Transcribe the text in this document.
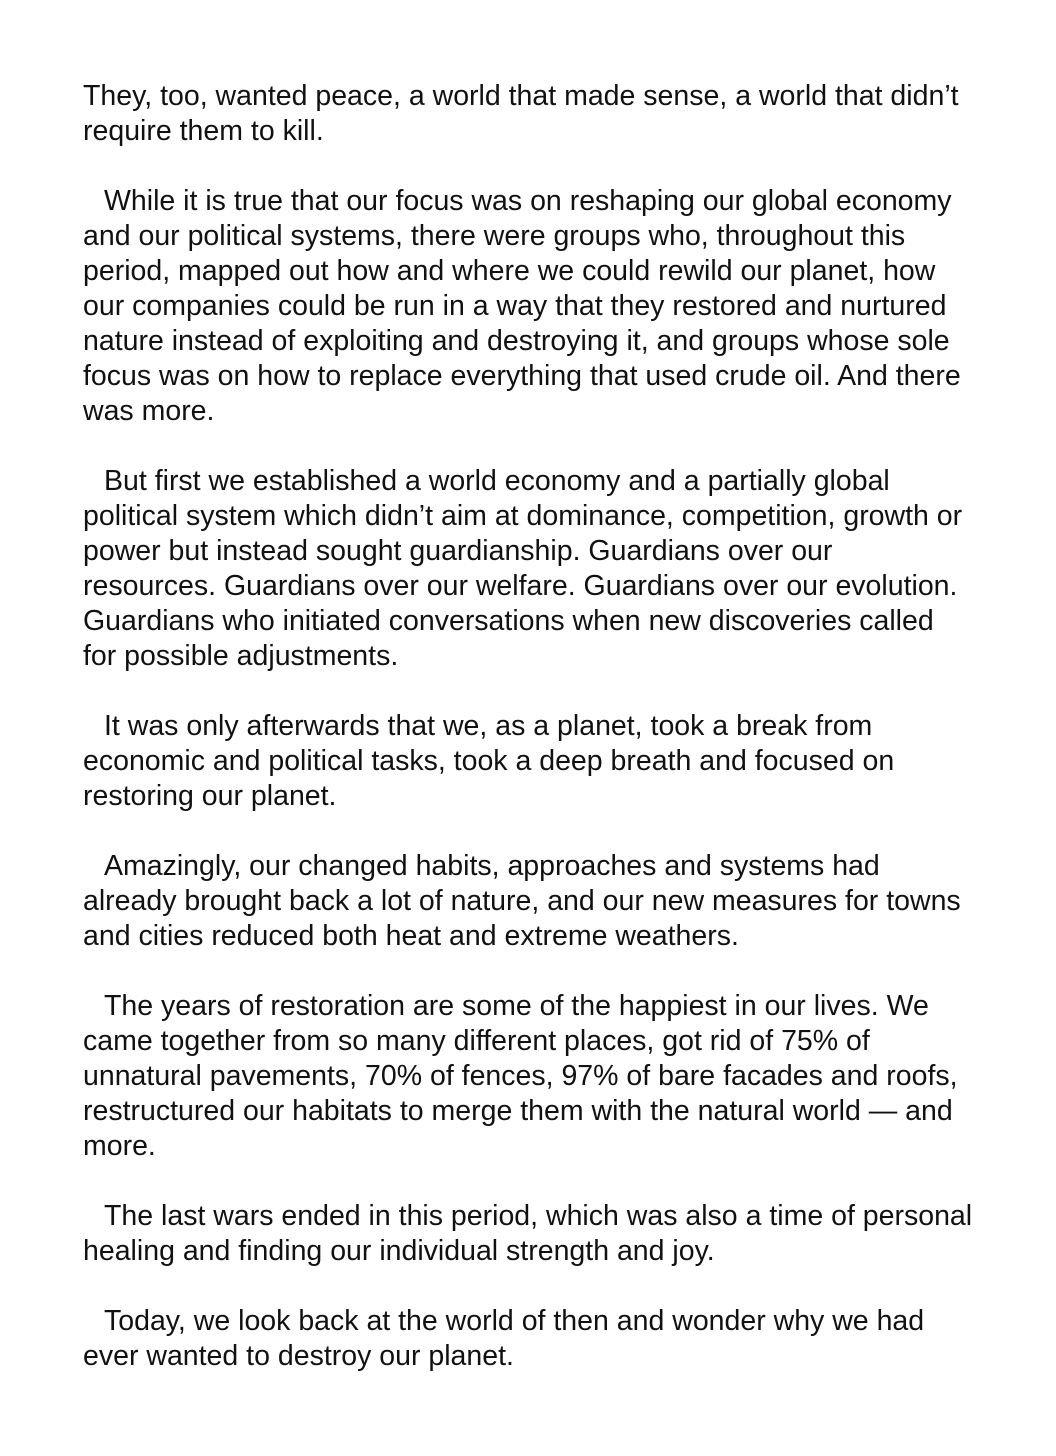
They, too, wanted peace, a world that made sense, a world that didn’t require them to kill.

While it is true that our focus was on reshaping our global economy and our political systems, there were groups who, throughout this period, mapped out how and where we could rewild our planet, how our companies could be run in a way that they restored and nurtured nature instead of exploiting and destroying it, and groups whose sole focus was on how to replace everything that used crude oil. And there was more.

But first we established a world economy and a partially global political system which didn’t aim at dominance, competition, growth or power but instead sought guardianship. Guardians over our resources. Guardians over our welfare. Guardians over our evolution. Guardians who initiated conversations when new discoveries called for possible adjustments.

It was only afterwards that we, as a planet, took a break from economic and political tasks, took a deep breath and focused on restoring our planet.

Amazingly, our changed habits, approaches and systems had already brought back a lot of nature, and our new measures for towns and cities reduced both heat and extreme weathers.

The years of restoration are some of the happiest in our lives. We came together from so many different places, got rid of 75% of unnatural pavements, 70% of fences, 97% of bare facades and roofs, restructured our habitats to merge them with the natural world — and more.

The last wars ended in this period, which was also a time of personal healing and finding our individual strength and joy.

Today, we look back at the world of then and wonder why we had ever wanted to destroy our planet.
